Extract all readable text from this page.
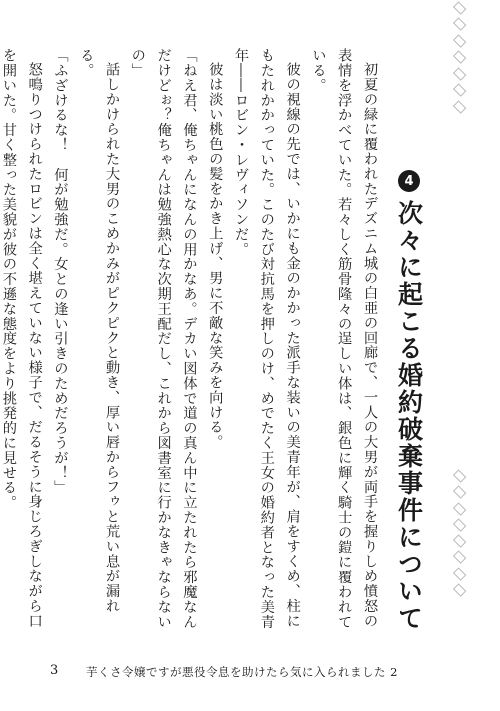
4
次々に起こる婚約破棄事件について

初夏の緑に覆われたデズニム城の白亜の回廊で、一人の大男が両手を握りしめ憤怒の表情を浮かべていた。若々しく筋骨隆々の逞しい体は、銀色に輝く騎士の鎧に覆われている。

彼の視線の先では、いかにも金のかかった派手な装いの美青年が、肩をすくめ、柱にもたれかかっていた。このたび対抗馬を押しのけ、めでたく王女の婚約者となった美青年――ロビン・レヴィソンだ。

彼は淡い桃色の髪をかき上げ、男に不敵な笑みを向ける。

「ねえ君、俺ちゃんになんの用かなあ。デカい図体で道の真ん中に立たれたら邪魔なんだけどぉ？俺ちゃんは勉強熱心な次期王配だし、これから図書室に行かなきゃならないの」

話しかけられた大男のこめかみがピクピクと動き、厚い唇からフゥと荒い息が漏れる。

「ふざけるな！　何が勉強だ。女との逢い引きのためだろうが！」

怒鳴りつけられたロビンは全く堪えていない様子で、だるそうに身じろぎしながら口を開いた。甘く整った美貌が彼の不遜な態度をより挑発的に見せる。

3 芋くさ令嬢ですが悪役令息を助けたら気に入られました 2
